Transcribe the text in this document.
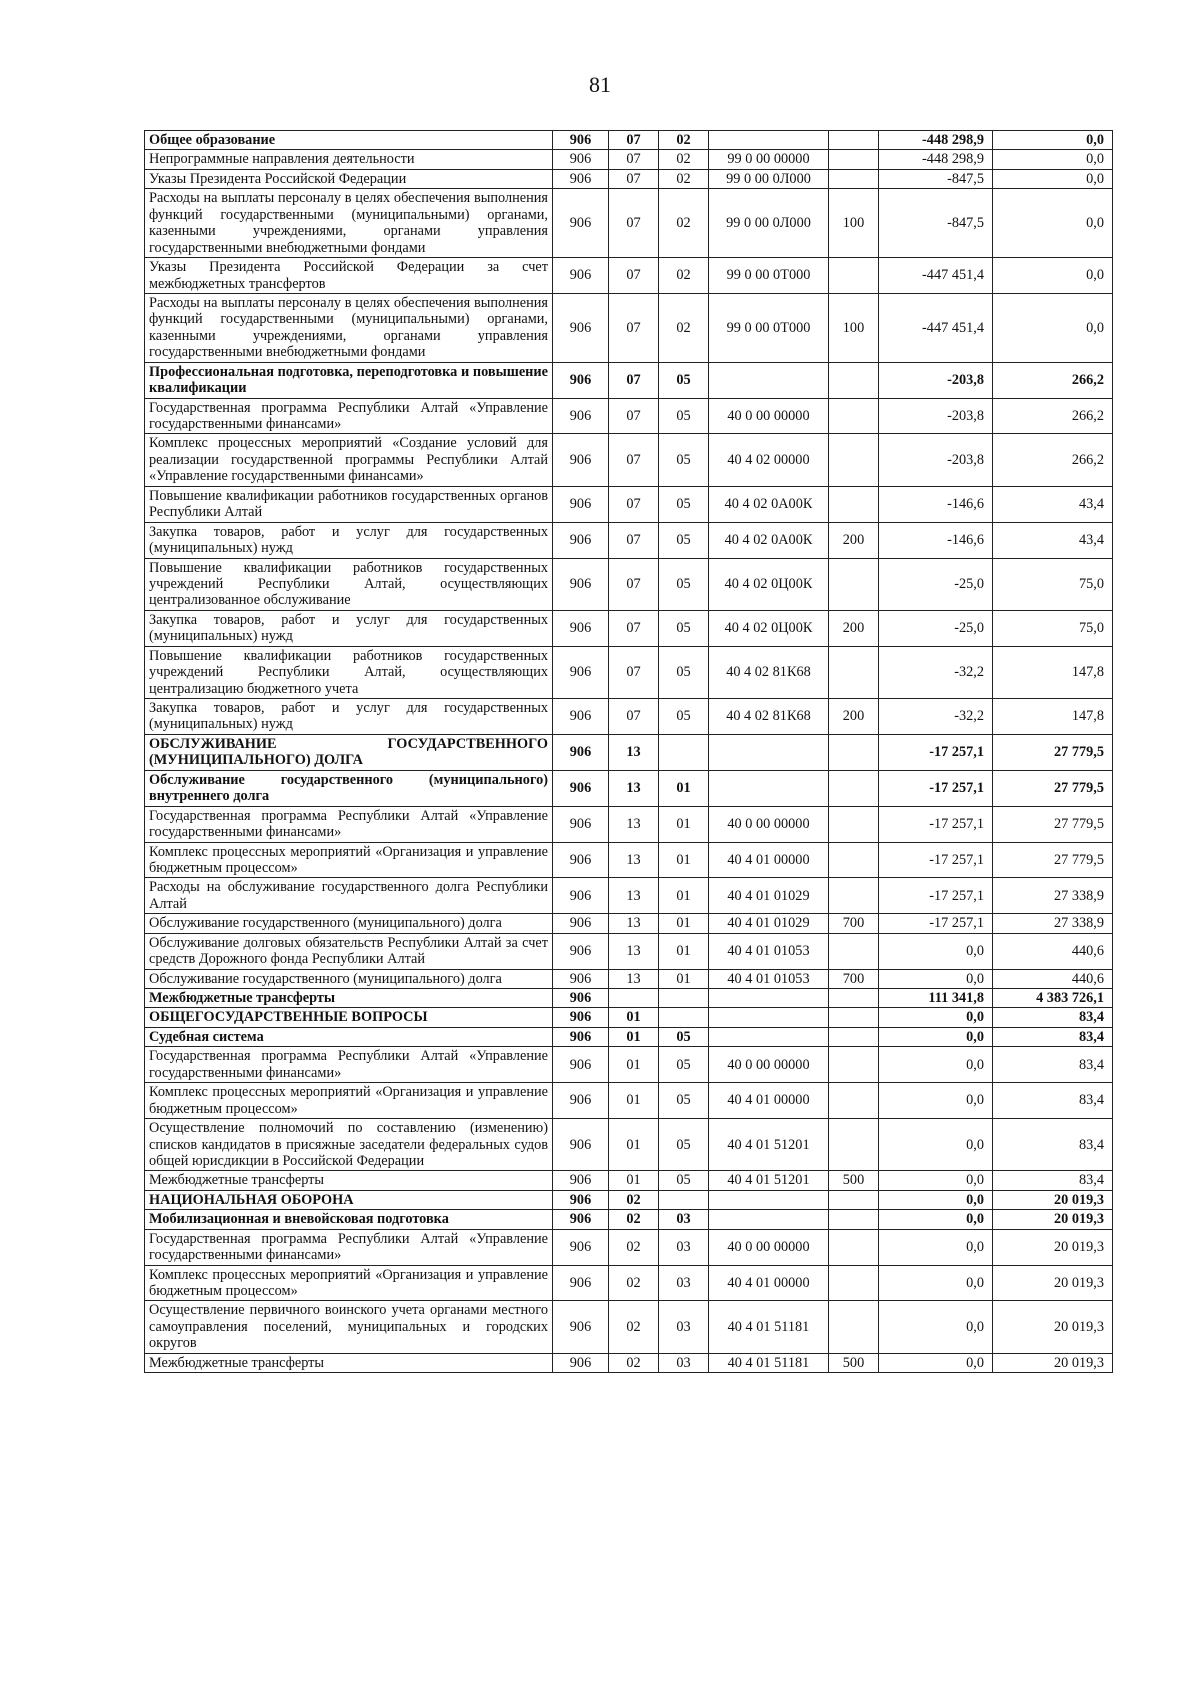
81
Общее образование	906	07	02			-448 298,9	0,0
Непрограммные направления деятельности	906	07	02	99 0 00 00000		-448 298,9	0,0
Указы Президента Российской Федерации	906	07	02	99 0 00 0Л000		-847,5	0,0
Расходы на выплаты персоналу в целях обеспечения выполнения функций государственными (муниципальными) органами, казенными учреждениями, органами управления государственными внебюджетными фондами	906	07	02	99 0 00 0Л000	100	-847,5	0,0
Указы Президента Российской Федерации за счет межбюджетных трансфертов	906	07	02	99 0 00 0Т000		-447 451,4	0,0
Расходы на выплаты персоналу в целях обеспечения выполнения функций государственными (муниципальными) органами, казенными учреждениями, органами управления государственными внебюджетными фондами	906	07	02	99 0 00 0Т000	100	-447 451,4	0,0
Профессиональная подготовка, переподготовка и повышение квалификации	906	07	05			-203,8	266,2
Государственная программа Республики Алтай «Управление государственными финансами»	906	07	05	40 0 00 00000		-203,8	266,2
Комплекс процессных мероприятий «Создание условий для реализации государственной программы Республики Алтай «Управление государственными финансами»	906	07	05	40 4 02 00000		-203,8	266,2
Повышение квалификации работников государственных органов Республики Алтай	906	07	05	40 4 02 0А00К		-146,6	43,4
Закупка товаров, работ и услуг для государственных (муниципальных) нужд	906	07	05	40 4 02 0А00К	200	-146,6	43,4
Повышение квалификации работников государственных учреждений Республики Алтай, осуществляющих централизованное обслуживание	906	07	05	40 4 02 0Ц00К		-25,0	75,0
Закупка товаров, работ и услуг для государственных (муниципальных) нужд	906	07	05	40 4 02 0Ц00К	200	-25,0	75,0
Повышение квалификации работников государственных учреждений Республики Алтай, осуществляющих централизацию бюджетного учета	906	07	05	40 4 02 81К68		-32,2	147,8
Закупка товаров, работ и услуг для государственных (муниципальных) нужд	906	07	05	40 4 02 81К68	200	-32,2	147,8
ОБСЛУЖИВАНИЕ ГОСУДАРСТВЕННОГО (МУНИЦИПАЛЬНОГО) ДОЛГА	906	13				-17 257,1	27 779,5
Обслуживание государственного (муниципального) внутреннего долга	906	13	01			-17 257,1	27 779,5
Государственная программа Республики Алтай «Управление государственными финансами»	906	13	01	40 0 00 00000		-17 257,1	27 779,5
Комплекс процессных мероприятий «Организация и управление бюджетным процессом»	906	13	01	40 4 01 00000		-17 257,1	27 779,5
Расходы на обслуживание государственного долга Республики Алтай	906	13	01	40 4 01 01029		-17 257,1	27 338,9
Обслуживание государственного (муниципального) долга	906	13	01	40 4 01 01029	700	-17 257,1	27 338,9
Обслуживание долговых обязательств Республики Алтай за счет средств Дорожного фонда Республики Алтай	906	13	01	40 4 01 01053		0,0	440,6
Обслуживание государственного (муниципального) долга	906	13	01	40 4 01 01053	700	0,0	440,6
Межбюджетные трансферты	906					111 341,8	4 383 726,1
ОБЩЕГОСУДАРСТВЕННЫЕ ВОПРОСЫ	906	01				0,0	83,4
Судебная система	906	01	05			0,0	83,4
Государственная программа Республики Алтай «Управление государственными финансами»	906	01	05	40 0 00 00000		0,0	83,4
Комплекс процессных мероприятий «Организация и управление бюджетным процессом»	906	01	05	40 4 01 00000		0,0	83,4
Осуществление полномочий по составлению (изменению) списков кандидатов в присяжные заседатели федеральных судов общей юрисдикции в Российской Федерации	906	01	05	40 4 01 51201		0,0	83,4
Межбюджетные трансферты	906	01	05	40 4 01 51201	500	0,0	83,4
НАЦИОНАЛЬНАЯ ОБОРОНА	906	02				0,0	20 019,3
Мобилизационная и вневойсковая подготовка	906	02	03			0,0	20 019,3
Государственная программа Республики Алтай «Управление государственными финансами»	906	02	03	40 0 00 00000		0,0	20 019,3
Комплекс процессных мероприятий «Организация и управление бюджетным процессом»	906	02	03	40 4 01 00000		0,0	20 019,3
Осуществление первичного воинского учета органами местного самоуправления поселений, муниципальных и городских округов	906	02	03	40 4 01 51181		0,0	20 019,3
Межбюджетные трансферты	906	02	03	40 4 01 51181	500	0,0	20 019,3
